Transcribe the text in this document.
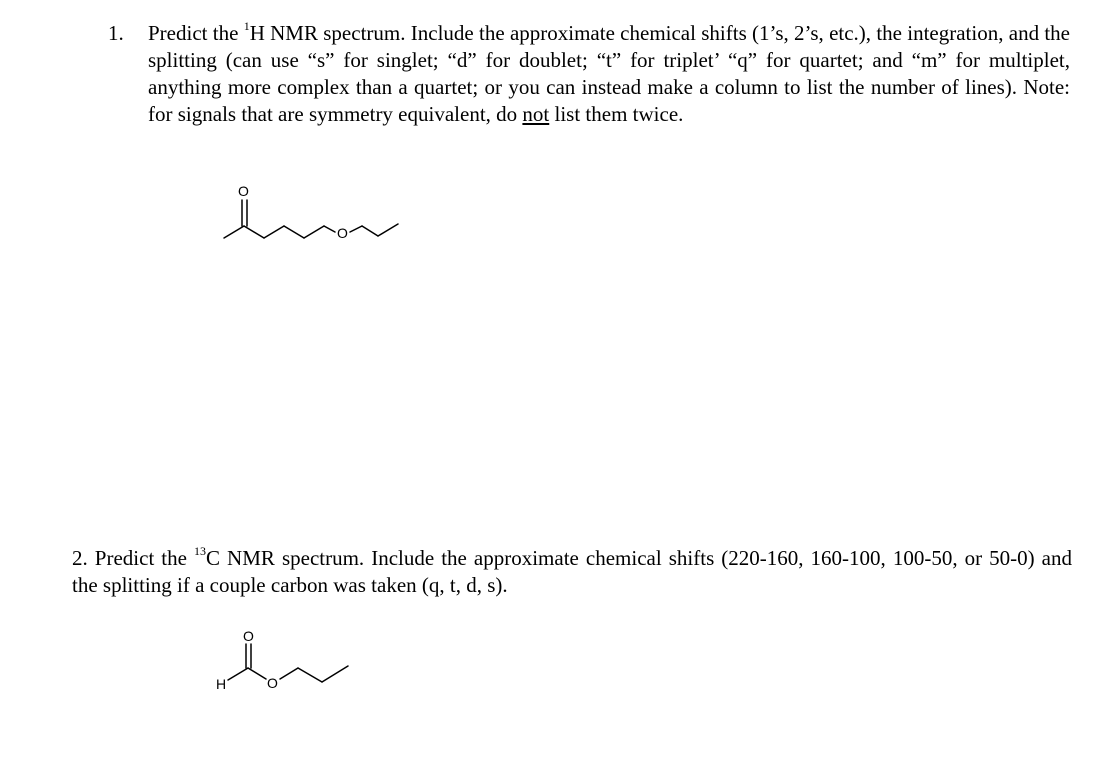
1. Predict the $^1$H NMR spectrum. Include the approximate chemical shifts (1’s, 2’s, etc.), the integration, and the splitting (can use “s” for singlet; “d” for doublet; “t” for triplet’ “q” for quartet; and “m” for multiplet, anything more complex than a quartet; or you can instead make a column to list the number of lines). Note: for signals that are symmetry equivalent, do not list them twice.
O
O
2. Predict the $^{13}$C NMR spectrum. Include the approximate chemical shifts (220-160, 160-100, 100-50, or 50-0) and the splitting if a couple carbon was taken (q, t, d, s).
O
O
H
